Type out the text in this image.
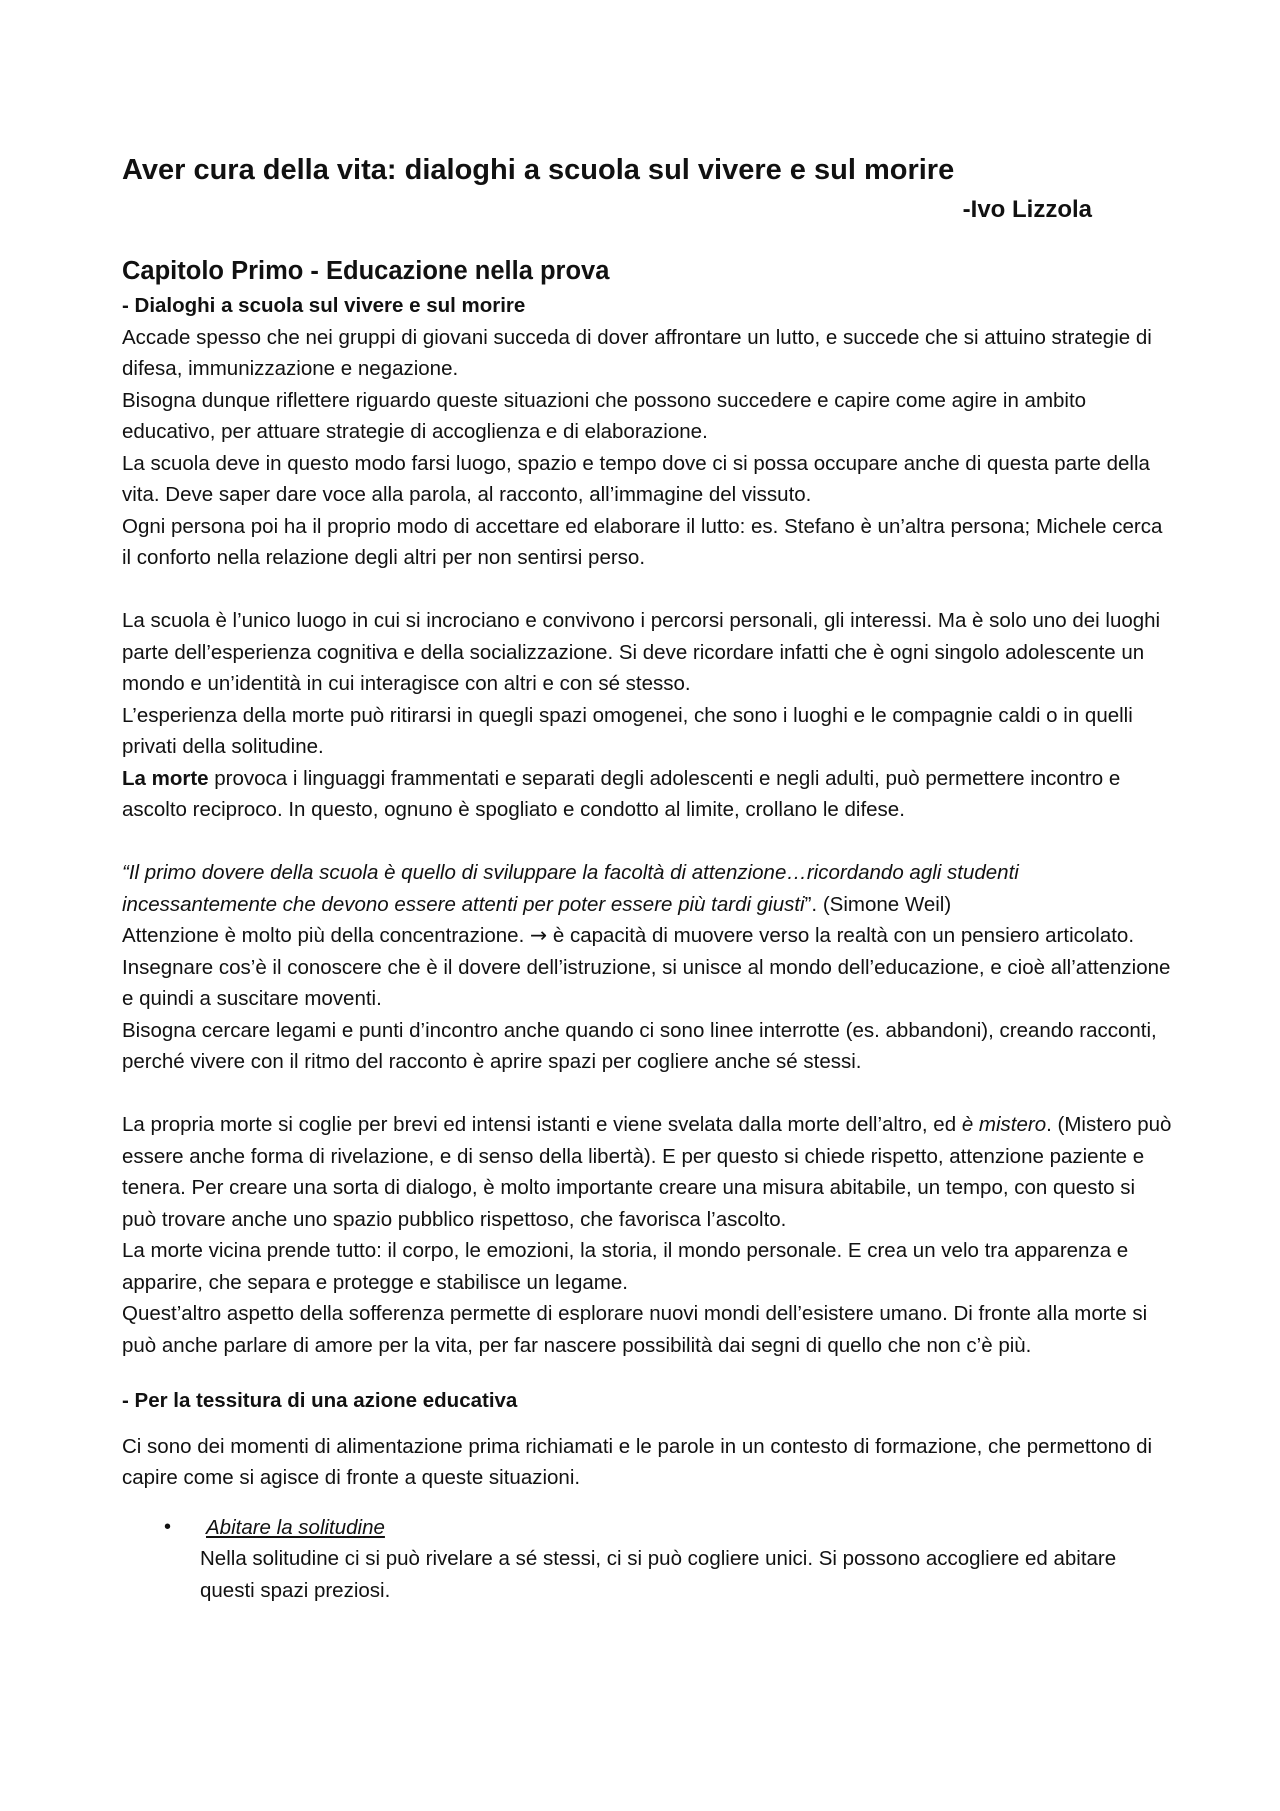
Aver cura della vita: dialoghi a scuola sul vivere e sul morire
-Ivo Lizzola
Capitolo Primo - Educazione nella prova
- Dialoghi a scuola sul vivere e sul morire

Accade spesso che nei gruppi di giovani succeda di dover affrontare un lutto, e succede che si attuino strategie di difesa, immunizzazione e negazione.

Bisogna dunque riflettere riguardo queste situazioni che possono succedere e capire come agire in ambito educativo, per attuare strategie di accoglienza e di elaborazione.

La scuola deve in questo modo farsi luogo, spazio e tempo dove ci si possa occupare anche di questa parte della vita. Deve saper dare voce alla parola, al racconto, all’immagine del vissuto.

Ogni persona poi ha il proprio modo di accettare ed elaborare il lutto: es. Stefano è un’altra persona; Michele cerca il conforto nella relazione degli altri per non sentirsi perso.

La scuola è l’unico luogo in cui si incrociano e convivono i percorsi personali, gli interessi. Ma è solo uno dei luoghi parte dell’esperienza cognitiva e della socializzazione. Si deve ricordare infatti che è ogni singolo adolescente un mondo e un’identità in cui interagisce con altri e con sé stesso.

L’esperienza della morte può ritirarsi in quegli spazi omogenei, che sono i luoghi e le compagnie caldi o in quelli privati della solitudine.

La morte provoca i linguaggi frammentati e separati degli adolescenti e negli adulti, può permettere incontro e ascolto reciproco. In questo, ognuno è spogliato e condotto al limite, crollano le difese.

“Il primo dovere della scuola è quello di sviluppare la facoltà di attenzione…ricordando agli studenti incessantemente che devono essere attenti per poter essere più tardi giusti”. (Simone Weil)

Attenzione è molto più della concentrazione. → è capacità di muovere verso la realtà con un pensiero articolato.

Insegnare cos’è il conoscere che è il dovere dell’istruzione, si unisce al mondo dell’educazione, e cioè all’attenzione e quindi a suscitare moventi.

Bisogna cercare legami e punti d’incontro anche quando ci sono linee interrotte (es. abbandoni), creando racconti, perché vivere con il ritmo del racconto è aprire spazi per cogliere anche sé stessi.

La propria morte si coglie per brevi ed intensi istanti e viene svelata dalla morte dell’altro, ed è mistero. (Mistero può essere anche forma di rivelazione, e di senso della libertà). E per questo si chiede rispetto, attenzione paziente e tenera. Per creare una sorta di dialogo, è molto importante creare una misura abitabile, un tempo, con questo si può trovare anche uno spazio pubblico rispettoso, che favorisca l’ascolto.

La morte vicina prende tutto: il corpo, le emozioni, la storia, il mondo personale. E crea un velo tra apparenza e apparire, che separa e protegge e stabilisce un legame.

Quest’altro aspetto della sofferenza permette di esplorare nuovi mondi dell’esistere umano. Di fronte alla morte si può anche parlare di amore per la vita, per far nascere possibilità dai segni di quello che non c’è più.

- Per la tessitura di una azione educativa

Ci sono dei momenti di alimentazione prima richiamati e le parole in un contesto di formazione, che permettono di capire come si agisce di fronte a queste situazioni.

• Abitare la solitudine
Nella solitudine ci si può rivelare a sé stessi, ci si può cogliere unici. Si possono accogliere ed abitare questi spazi preziosi.
